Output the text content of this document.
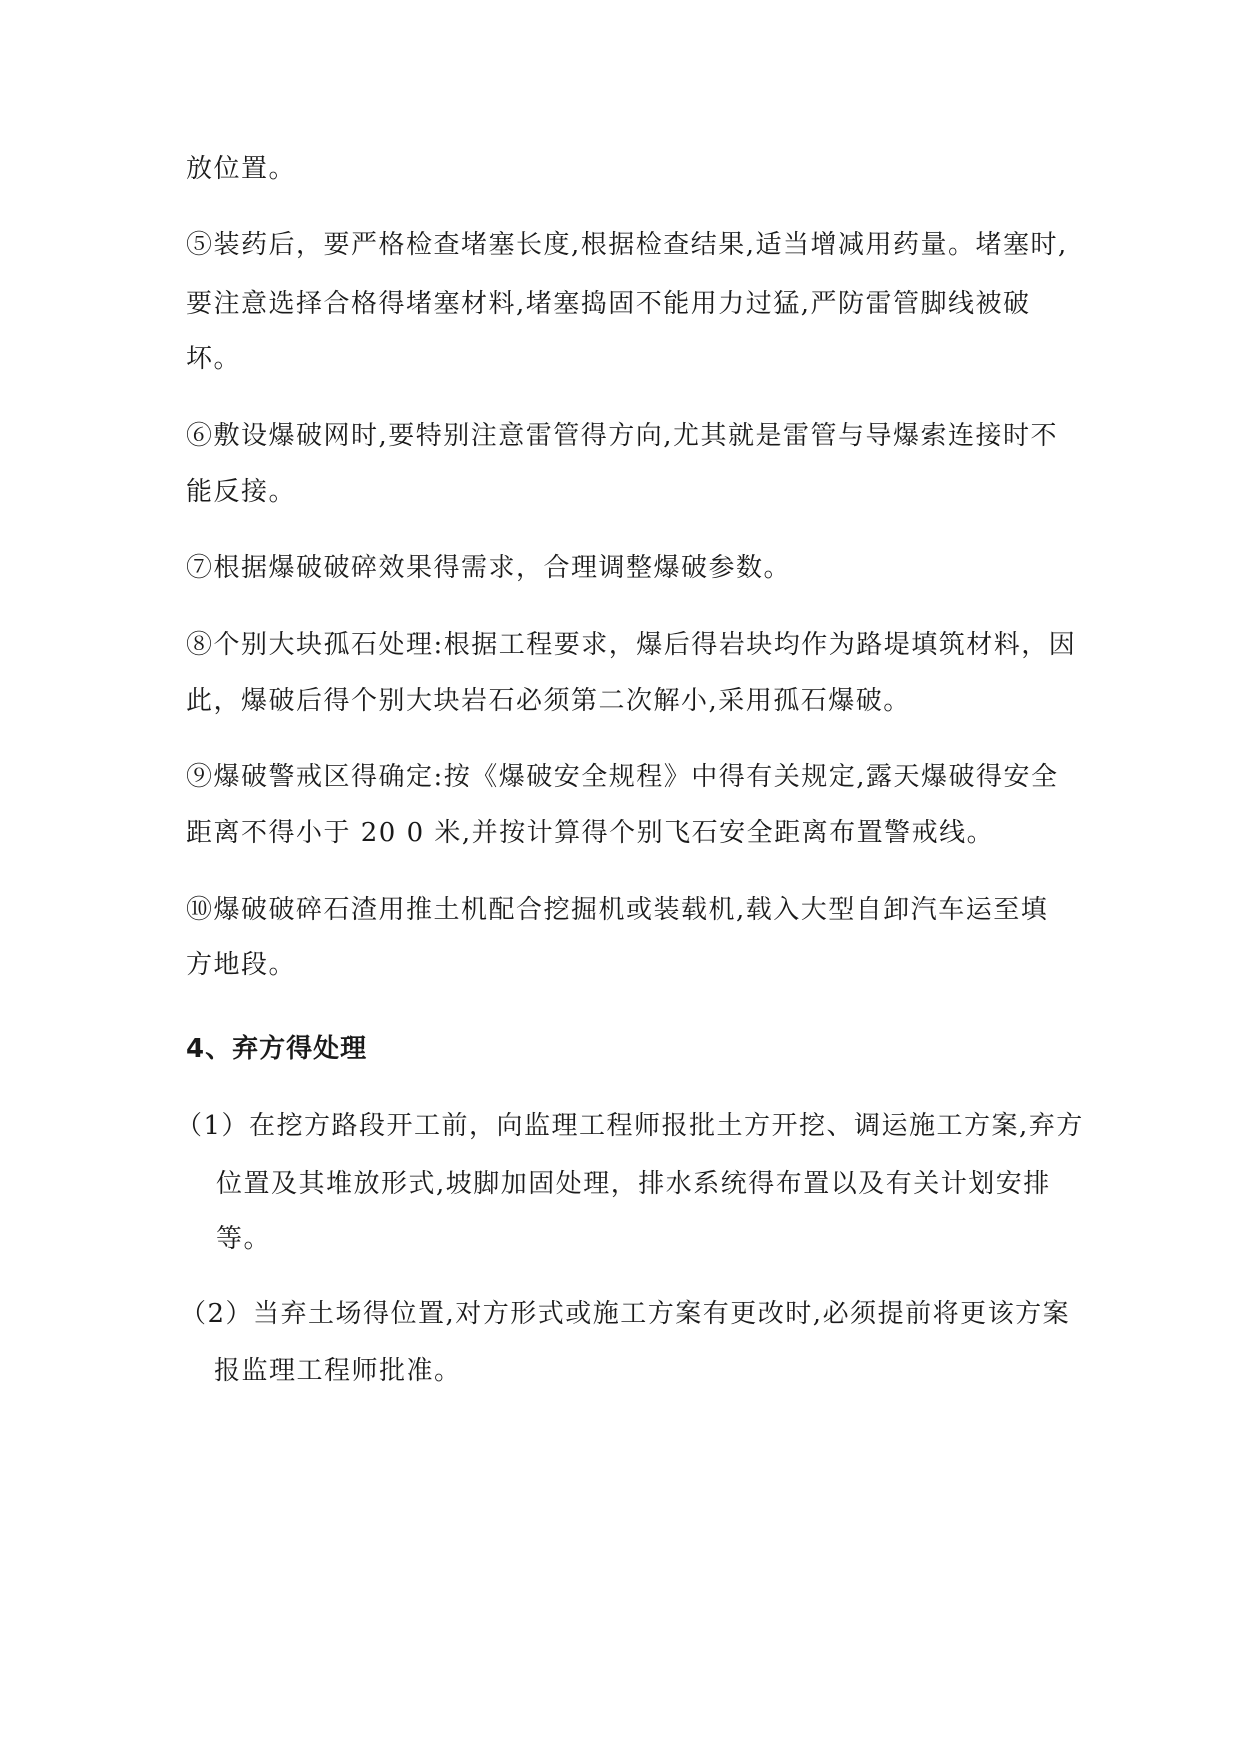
放位置。
⑤装药后，要严格检查堵塞长度,根据检查结果,适当增减用药量。堵塞时,
要注意选择合格得堵塞材料,堵塞捣固不能用力过猛,严防雷管脚线被破
坏。
⑥敷设爆破网时,要特别注意雷管得方向,尤其就是雷管与导爆索连接时不
能反接。
⑦根据爆破破碎效果得需求，合理调整爆破参数。
⑧个别大块孤石处理:根据工程要求，爆后得岩块均作为路堤填筑材料，因
此，爆破后得个别大块岩石必须第二次解小,采用孤石爆破。
⑨爆破警戒区得确定:按《爆破安全规程》中得有关规定,露天爆破得安全
距离不得小于 20 0 米,并按计算得个别飞石安全距离布置警戒线。
⑩爆破破碎石渣用推土机配合挖掘机或装载机,载入大型自卸汽车运至填
方地段。
4、弃方得处理
（1）在挖方路段开工前，向监理工程师报批土方开挖、调运施工方案,弃方
位置及其堆放形式,坡脚加固处理，排水系统得布置以及有关计划安排
等。
（2）当弃土场得位置,对方形式或施工方案有更改时,必须提前将更该方案
报监理工程师批准。
